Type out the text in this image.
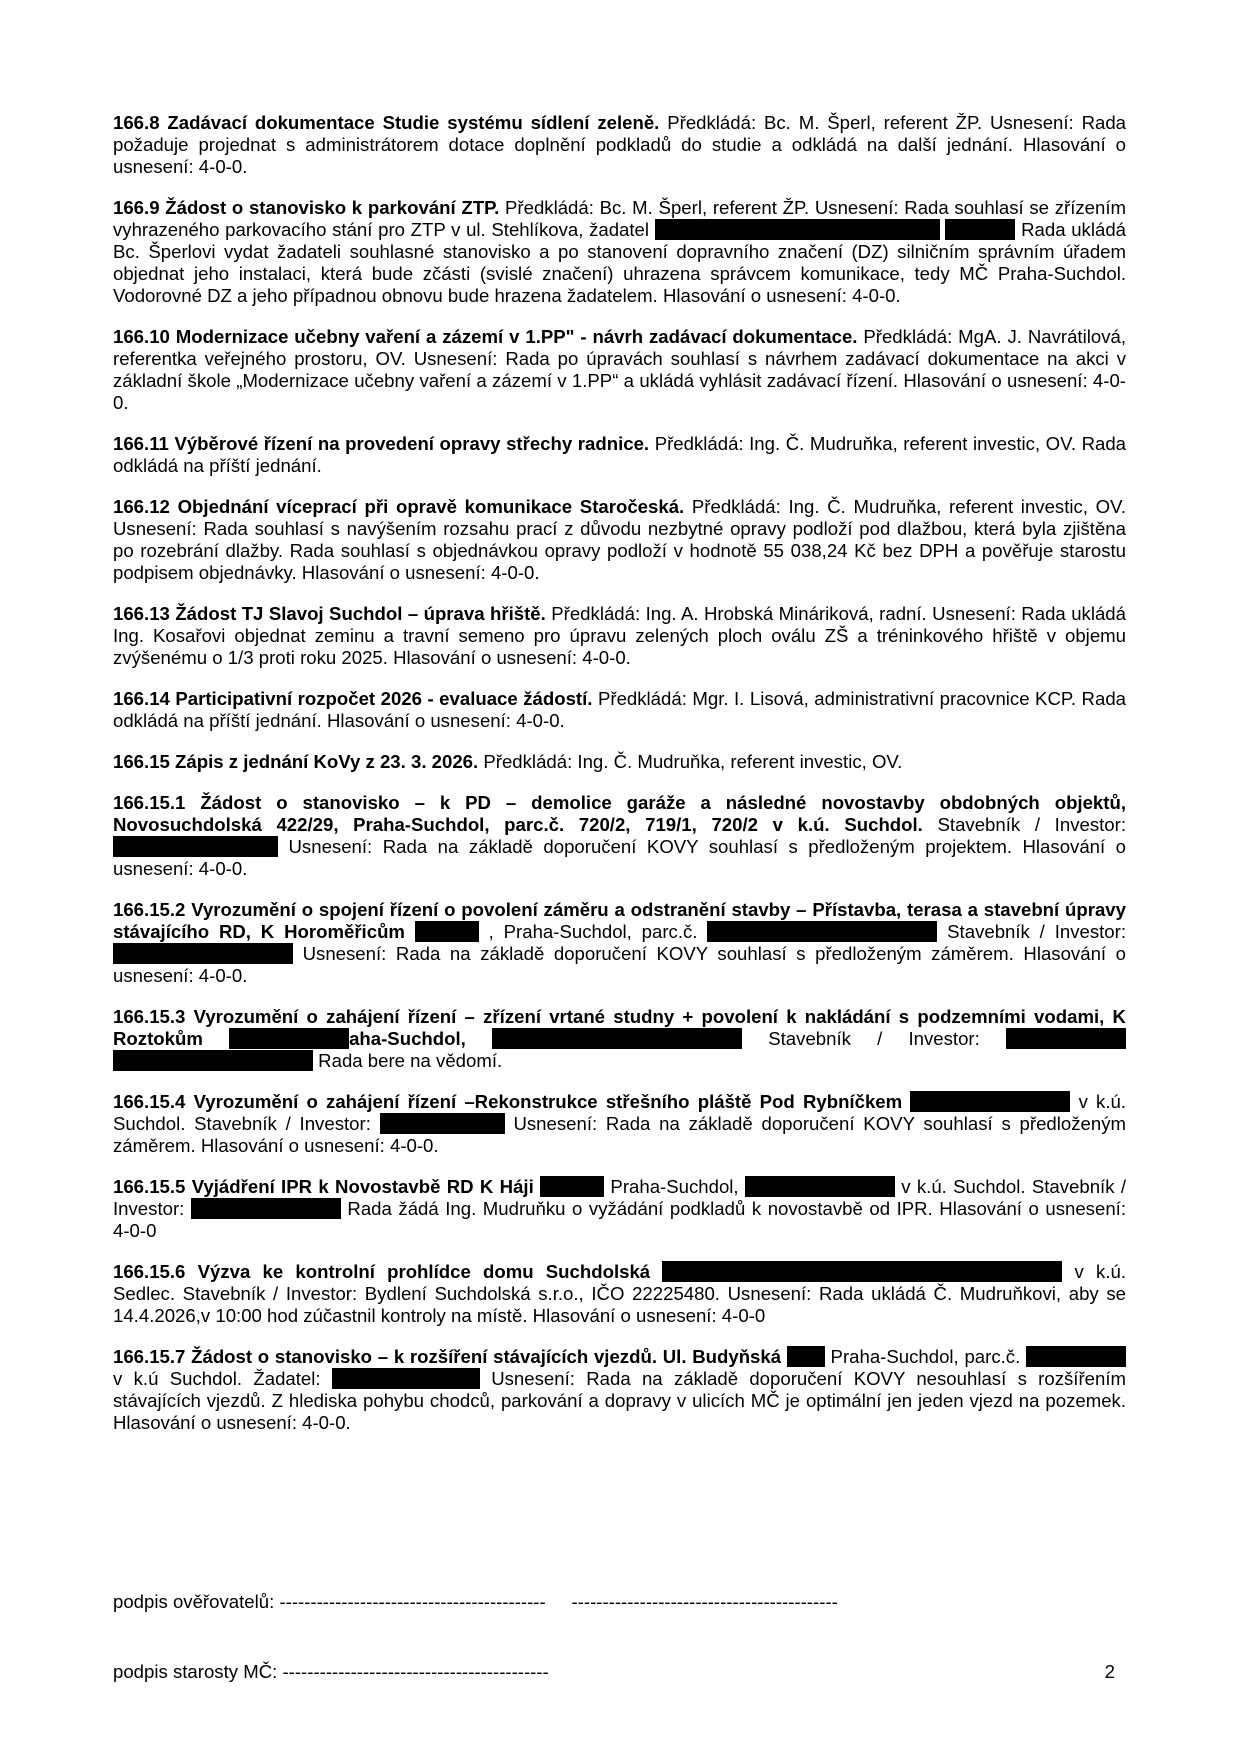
166.8 Zadávací dokumentace Studie systému sídlení zeleně. Předkládá: Bc. M. Šperl, referent ŽP. Usnesení: Rada požaduje projednat s administrátorem dotace doplnění podkladů do studie a odkládá na další jednání. Hlasování o usnesení: 4-0-0.

166.9 Žádost o stanovisko k parkování ZTP. Předkládá: Bc. M. Šperl, referent ŽP. Usnesení: Rada souhlasí se zřízením vyhrazeného parkovacího stání pro ZTP v ul. Stehlíkova, žadatel	Rada ukládá Bc. Šperlovi vydat žadateli souhlasné stanovisko a po stanovení dopravního značení (DZ) silničním správním úřadem objednat jeho instalaci, která bude zčásti (svislé značení) uhrazena správcem komunikace, tedy MČ Praha-Suchdol. Vodorovné DZ a jeho případnou obnovu bude hrazena žadatelem. Hlasování o usnesení: 4-0-0.

166.10 Modernizace učebny vaření a zázemí v 1.PP" - návrh zadávací dokumentace. Předkládá: MgA. J. Navrátilová, referentka veřejného prostoru, OV. Usnesení: Rada po úpravách souhlasí s návrhem zadávací dokumentace na akci v základní škole „Modernizace učebny vaření a zázemí v 1.PP“ a ukládá vyhlásit zadávací řízení. Hlasování o usnesení: 4-0-0.

166.11 Výběrové řízení na provedení opravy střechy radnice. Předkládá: Ing. Č. Mudruňka, referent investic, OV. Rada odkládá na příští jednání.

166.12 Objednání víceprací při opravě komunikace Staročeská. Předkládá: Ing. Č. Mudruňka, referent investic, OV. Usnesení: Rada souhlasí s navýšením rozsahu prací z důvodu nezbytné opravy podloží pod dlažbou, která byla zjištěna po rozebrání dlažby. Rada souhlasí s objednávkou opravy podloží v hodnotě 55 038,24 Kč bez DPH a pověřuje starostu podpisem objednávky. Hlasování o usnesení: 4-0-0.

166.13 Žádost TJ Slavoj Suchdol – úprava hřiště. Předkládá: Ing. A. Hrobská Mináriková, radní. Usnesení: Rada ukládá Ing. Kosařovi objednat zeminu a travní semeno pro úpravu zelených ploch oválu ZŠ a tréninkového hřiště v objemu zvýšenému o 1/3 proti roku 2025. Hlasování o usnesení: 4-0-0.

166.14 Participativní rozpočet 2026 - evaluace žádostí. Předkládá: Mgr. I. Lisová, administrativní pracovnice KCP. Rada odkládá na příští jednání. Hlasování o usnesení: 4-0-0.

166.15 Zápis z jednání KoVy z 23. 3. 2026. Předkládá: Ing. Č. Mudruňka, referent investic, OV.

166.15.1 Žádost o stanovisko – k PD – demolice garáže a následné novostavby obdobných objektů, Novosuchdolská 422/29, Praha-Suchdol, parc.č. 720/2, 719/1, 720/2 v k.ú. Suchdol. Stavebník / Investor:  Usnesení: Rada na základě doporučení KOVY souhlasí s předloženým projektem. Hlasování o usnesení: 4-0-0.

166.15.2 Vyrozumění o spojení řízení o povolení záměru a odstranění stavby – Přístavba, terasa a stavební úpravy stávajícího RD, K Horoměřicům	, Praha-Suchdol, parc.č.	Stavebník / Investor:  Usnesení: Rada na základě doporučení KOVY souhlasí s předloženým záměrem. Hlasování o usnesení: 4-0-0.

166.15.3 Vyrozumění o zahájení řízení – zřízení vrtané studny + povolení k nakládání s podzemními vodami, K Roztokům	aha-Suchdol,	Stavebník / Investor:   Rada bere na vědomí.

166.15.4 Vyrozumění o zahájení řízení –Rekonstrukce střešního pláště Pod Rybníčkem	v k.ú. Suchdol. Stavebník / Investor:	Usnesení: Rada na základě doporučení KOVY souhlasí s předloženým záměrem. Hlasování o usnesení: 4-0-0.

166.15.5 Vyjádření IPR k Novostavbě RD K Háji	Praha-Suchdol,	v k.ú. Suchdol. Stavebník / Investor:	Rada žádá Ing. Mudruňku o vyžádání podkladů k novostavbě od IPR. Hlasování o usnesení: 4-0-0

166.15.6 Výzva ke kontrolní prohlídce domu Suchdolská	v k.ú. Sedlec. Stavebník / Investor: Bydlení Suchdolská s.r.o., IČO 22225480. Usnesení: Rada ukládá Č. Mudruňkovi, aby se 14.4.2026,v 10:00 hod zúčastnil kontroly na místě. Hlasování o usnesení: 4-0-0

166.15.7 Žádost o stanovisko – k rozšíření stávajících vjezdů. Ul. Budyňská	Praha-Suchdol, parc.č.  v k.ú Suchdol. Žadatel:	Usnesení: Rada na základě doporučení KOVY nesouhlasí s rozšířením stávajících vjezdů. Z hlediska pohybu chodců, parkování a dopravy v ulicích MČ je optimální jen jeden vjezd na pozemek. Hlasování o usnesení: 4-0-0.

podpis ověřovatelů: -------------------------------------------     -------------------------------------------
podpis starosty MČ: -------------------------------------------	2
